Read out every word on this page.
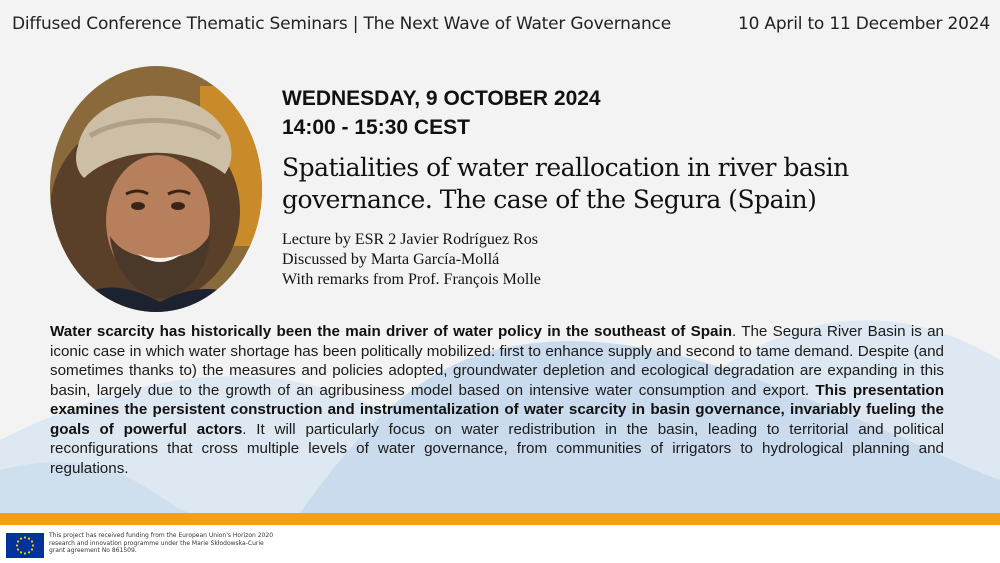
Diffused Conference Thematic Seminars | The Next Wave of Water Governance	10 April to 11 December 2024
WEDNESDAY, 9 OCTOBER 2024
14:00 - 15:30 CEST
Spatialities of water reallocation in river basin
governance. The case of the Segura (Spain)
Lecture by ESR 2 Javier Rodríguez Ros
Discussed by Marta García-Mollá
With remarks from Prof. François Molle
Water scarcity has historically been the main driver of water policy in the southeast of Spain. The Segura River Basin is an iconic case in which water shortage has been politically mobilized: first to enhance supply and second to tame demand. Despite (and sometimes thanks to) the measures and policies adopted, groundwater depletion and ecological degradation are expanding in this basin, largely due to the growth of an agribusiness model based on intensive water consumption and export. This presentation examines the persistent construction and instrumentalization of water scarcity in basin governance, invariably fueling the goals of powerful actors. It will particularly focus on water redistribution in the basin, leading to territorial and political reconfigurations that cross multiple levels of water governance, from communities of irrigators to hydrological planning and regulations.
This project has received funding from the European Union's Horizon 2020 research and innovation programme under the Marie Skłodowska-Curie grant agreement No 861509.
